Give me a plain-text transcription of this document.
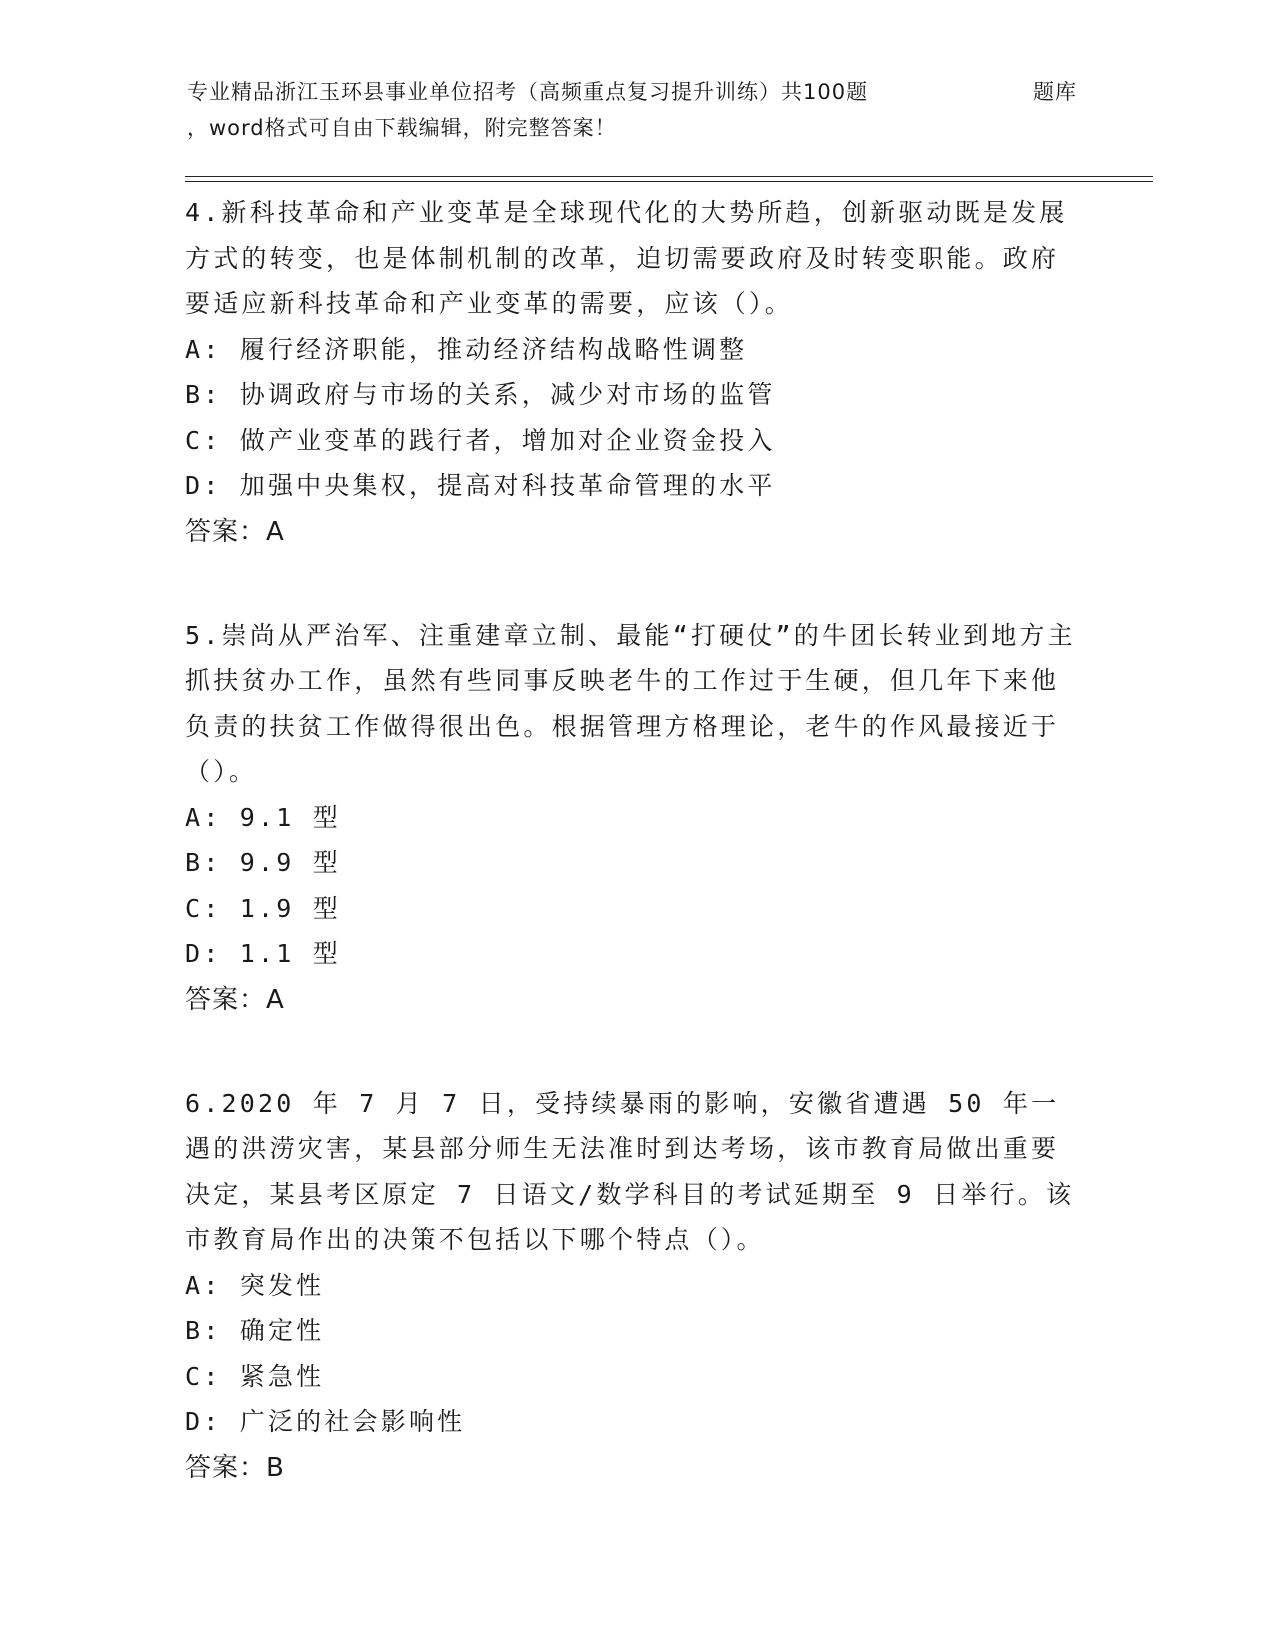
专业精品浙江玉环县事业单位招考（高频重点复习提升训练）共100题	题库
，word格式可自由下载编辑，附完整答案！

4.新科技革命和产业变革是全球现代化的大势所趋，创新驱动既是发展方式的转变，也是体制机制的改革，迫切需要政府及时转变职能。政府要适应新科技革命和产业变革的需要，应该（）。

A: 履行经济职能，推动经济结构战略性调整

B: 协调政府与市场的关系，减少对市场的监管

C: 做产业变革的践行者，增加对企业资金投入

D: 加强中央集权，提高对科技革命管理的水平

答案：A

5.崇尚从严治军、注重建章立制、最能“打硬仗”的牛团长转业到地方主抓扶贫办工作，虽然有些同事反映老牛的工作过于生硬，但几年下来他负责的扶贫工作做得很出色。根据管理方格理论，老牛的作风最接近于（）。

A: 9.1 型

B: 9.9 型

C: 1.9 型

D: 1.1 型

答案：A

6.2020 年 7 月 7 日，受持续暴雨的影响，安徽省遭遇 50 年一遇的洪涝灾害，某县部分师生无法准时到达考场，该市教育局做出重要决定，某县考区原定 7 日语文/数学科目的考试延期至 9 日举行。该市教育局作出的决策不包括以下哪个特点（）。

A: 突发性

B: 确定性

C: 紧急性

D: 广泛的社会影响性

答案：B
